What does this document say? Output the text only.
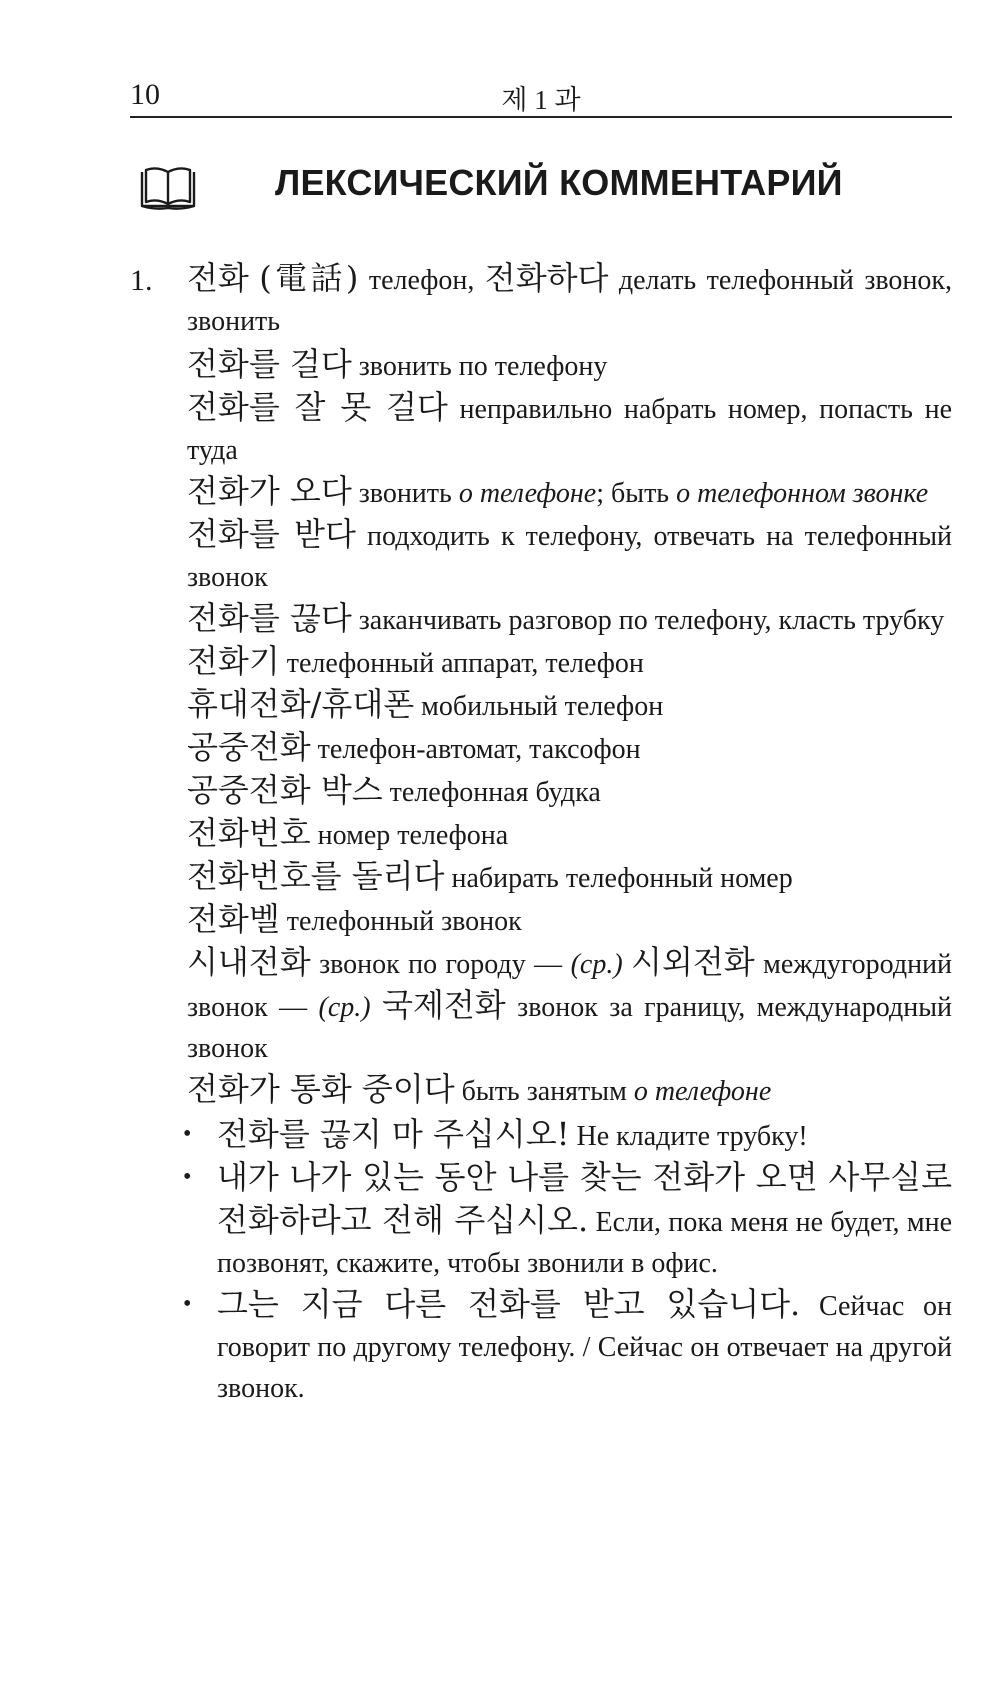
10	제 1 과
ЛЕКСИЧЕСКИЙ КОММЕНТАРИЙ
1. 전화 (電話) телефон, 전화하다 делать телефонный звонок, звонить
전화를 걸다 звонить по телефону
전화를 잘 못 걸다 неправильно набрать номер, попасть не туда
전화가 오다 звонить о телефоне; быть о телефонном звонке
전화를 받다 подходить к телефону, отвечать на телефонный звонок
전화를 끊다 заканчивать разговор по телефону, класть трубку
전화기 телефонный аппарат, телефон
휴대전화/휴대폰 мобильный телефон
공중전화 телефон-автомат, таксофон
공중전화 박스 телефонная будка
전화번호 номер телефона
전화번호를 돌리다 набирать телефонный номер
전화벨 телефонный звонок
시내전화 звонок по городу — (ср.) 시외전화 междугородний звонок — (ср.) 국제전화 звонок за границу, международный звонок
전화가 통화 중이다 быть занятым о телефоне
• 전화를 끊지 마 주십시오! Не кладите трубку!
• 내가 나가 있는 동안 나를 찾는 전화가 오면 사무실로 전화하라고 전해 주십시오. Если, пока меня не будет, мне позвонят, скажите, чтобы звонили в офис.
• 그는 지금 다른 전화를 받고 있습니다. Сейчас он говорит по другому телефону. / Сейчас он отвечает на другой звонок.
